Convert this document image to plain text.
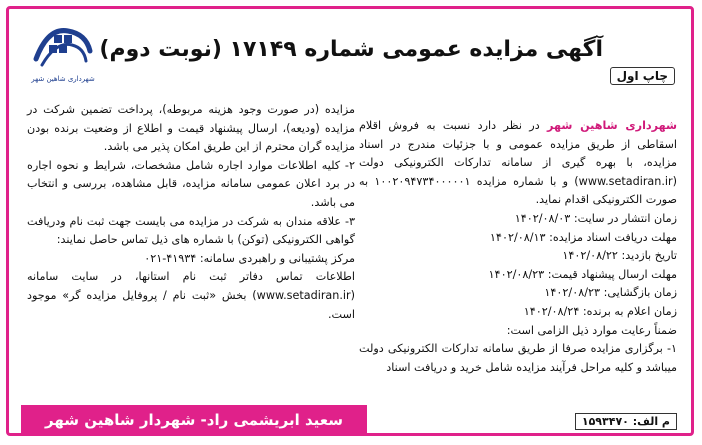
چاپ اول
آگهی مزایده عمومی شماره ۱۷۱۴۹ (نوبت دوم)
شهرداری شاهین شهر

شهرداری شاهین شهر در نظر دارد نسبت به فروش اقلام اسقاطی از طریق مزایده عمومی و با جزئیات مندرج در اسناد مزایده، با بهره گیری از سامانه تدارکات الکترونیکی دولت (www.setadiran.ir) و با شماره مزایده ۱۰۰۲۰۹۴۷۳۴۰۰۰۰۰۱ به صورت الکترونیکی اقدام نماید.

زمان انتشار در سایت: ۱۴۰۲/۰۸/۰۳

مهلت دریافت اسناد مزایده: ۱۴۰۲/۰۸/۱۳

تاریخ بازدید: ۱۴۰۲/۰۸/۲۲

مهلت ارسال پیشنهاد قیمت: ۱۴۰۲/۰۸/۲۳

زمان بازگشایی: ۱۴۰۲/۰۸/۲۳

زمان اعلام به برنده: ۱۴۰۲/۰۸/۲۴

ضمناً رعایت موارد ذیل الزامی است:

۱- برگزاری مزایده صرفا از طریق سامانه تدارکات الکترونیکی دولت میباشد و کلیه مراحل فرآیند مزایده شامل خرید و دریافت اسناد

مزایده (در صورت وجود هزینه مربوطه)، پرداخت تضمین شرکت در مزایده (ودیعه)، ارسال پیشنهاد قیمت و اطلاع از وضعیت برنده بودن مزایده گران محترم از این طریق امکان پذیر می باشد.

۲- کلیه اطلاعات موارد اجاره شامل مشخصات، شرایط و نحوه اجاره در برد اعلان عمومی سامانه مزایده، قابل مشاهده، بررسی و انتخاب می باشد.

۳- علاقه مندان به شرکت در مزایده می بایست جهت ثبت نام ودریافت گواهی الکترونیکی (توکن) با شماره های ذیل تماس حاصل نمایند:

مرکز پشتیبانی و راهبردی سامانه: ۴۱۹۳۴-۰۲۱

اطلاعات تماس دفاتر ثبت نام استانها، در سایت سامانه (www.setadiran.ir) بخش «ثبت نام / پروفایل مزایده گر» موجود است.

سعید ابریشمی راد- شهردار شاهین شهر	م الف: ۱۵۹۳۴۷۰
